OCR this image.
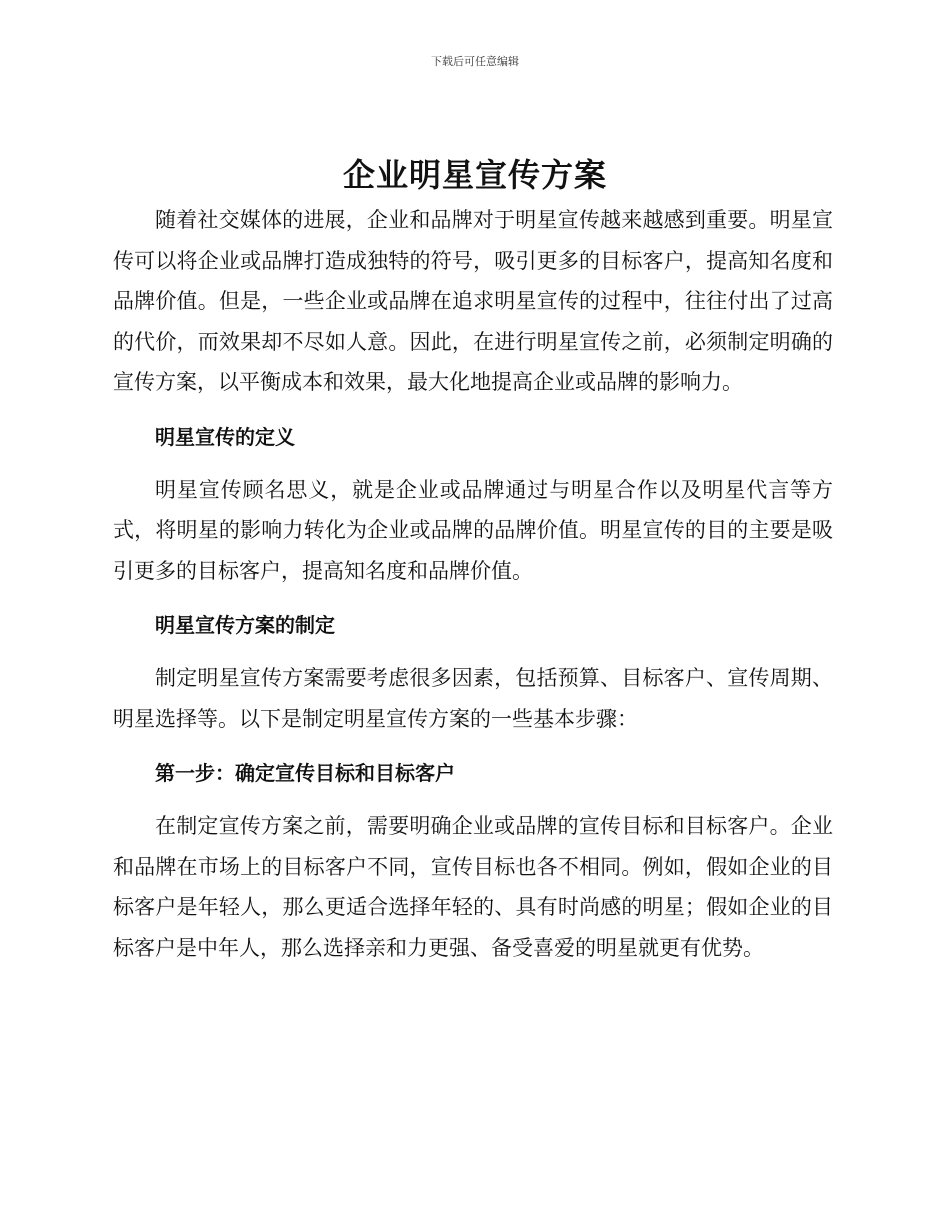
下载后可任意编辑
企业明星宣传方案

随着社交媒体的进展，企业和品牌对于明星宣传越来越感到重要。明星宣传可以将企业或品牌打造成独特的符号，吸引更多的目标客户，提高知名度和品牌价值。但是，一些企业或品牌在追求明星宣传的过程中，往往付出了过高的代价，而效果却不尽如人意。因此，在进行明星宣传之前，必须制定明确的宣传方案，以平衡成本和效果，最大化地提高企业或品牌的影响力。

明星宣传的定义

明星宣传顾名思义，就是企业或品牌通过与明星合作以及明星代言等方式，将明星的影响力转化为企业或品牌的品牌价值。明星宣传的目的主要是吸引更多的目标客户，提高知名度和品牌价值。

明星宣传方案的制定

制定明星宣传方案需要考虑很多因素，包括预算、目标客户、宣传周期、明星选择等。以下是制定明星宣传方案的一些基本步骤：

第一步：确定宣传目标和目标客户

在制定宣传方案之前，需要明确企业或品牌的宣传目标和目标客户。企业和品牌在市场上的目标客户不同，宣传目标也各不相同。例如，假如企业的目标客户是年轻人，那么更适合选择年轻的、具有时尚感的明星；假如企业的目标客户是中年人，那么选择亲和力更强、备受喜爱的明星就更有优势。
